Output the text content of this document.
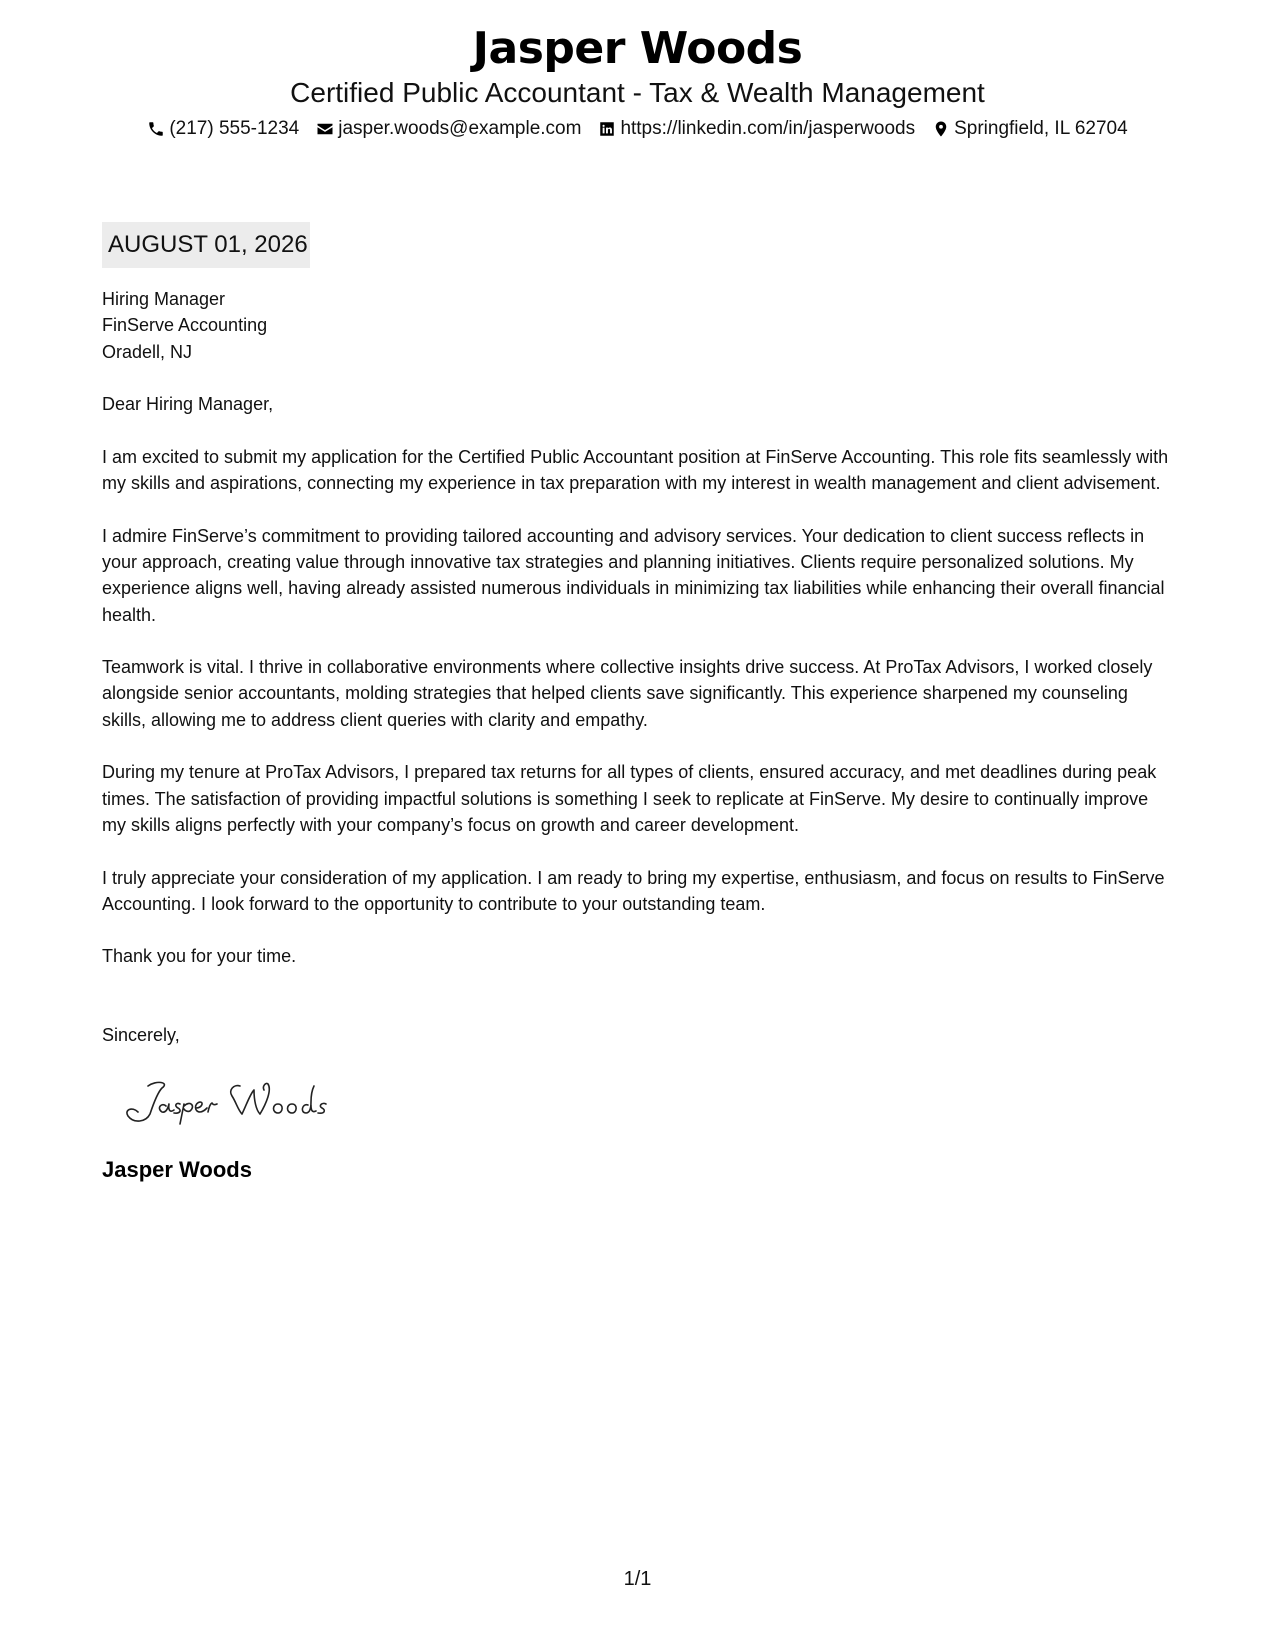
Jasper Woods
Certified Public Accountant - Tax & Wealth Management
(217) 555-1234 jasper.woods@example.com https://linkedin.com/in/jasperwoods Springfield, IL 62704
AUGUST 01, 2026
Hiring Manager
FinServe Accounting
Oradell, NJ

Dear Hiring Manager,

I am excited to submit my application for the Certified Public Accountant position at FinServe Accounting. This role fits seamlessly with my skills and aspirations, connecting my experience in tax preparation with my interest in wealth management and client advisement.

I admire FinServe’s commitment to providing tailored accounting and advisory services. Your dedication to client success reflects in your approach, creating value through innovative tax strategies and planning initiatives. Clients require personalized solutions. My experience aligns well, having already assisted numerous individuals in minimizing tax liabilities while enhancing their overall financial health.

Teamwork is vital. I thrive in collaborative environments where collective insights drive success. At ProTax Advisors, I worked closely alongside senior accountants, molding strategies that helped clients save significantly. This experience sharpened my counseling skills, allowing me to address client queries with clarity and empathy.

During my tenure at ProTax Advisors, I prepared tax returns for all types of clients, ensured accuracy, and met deadlines during peak times. The satisfaction of providing impactful solutions is something I seek to replicate at FinServe. My desire to continually improve my skills aligns perfectly with your company’s focus on growth and career development.

I truly appreciate your consideration of my application. I am ready to bring my expertise, enthusiasm, and focus on results to FinServe Accounting. I look forward to the opportunity to contribute to your outstanding team.

Thank you for your time.

Sincerely,

Jasper Woods

1/1
